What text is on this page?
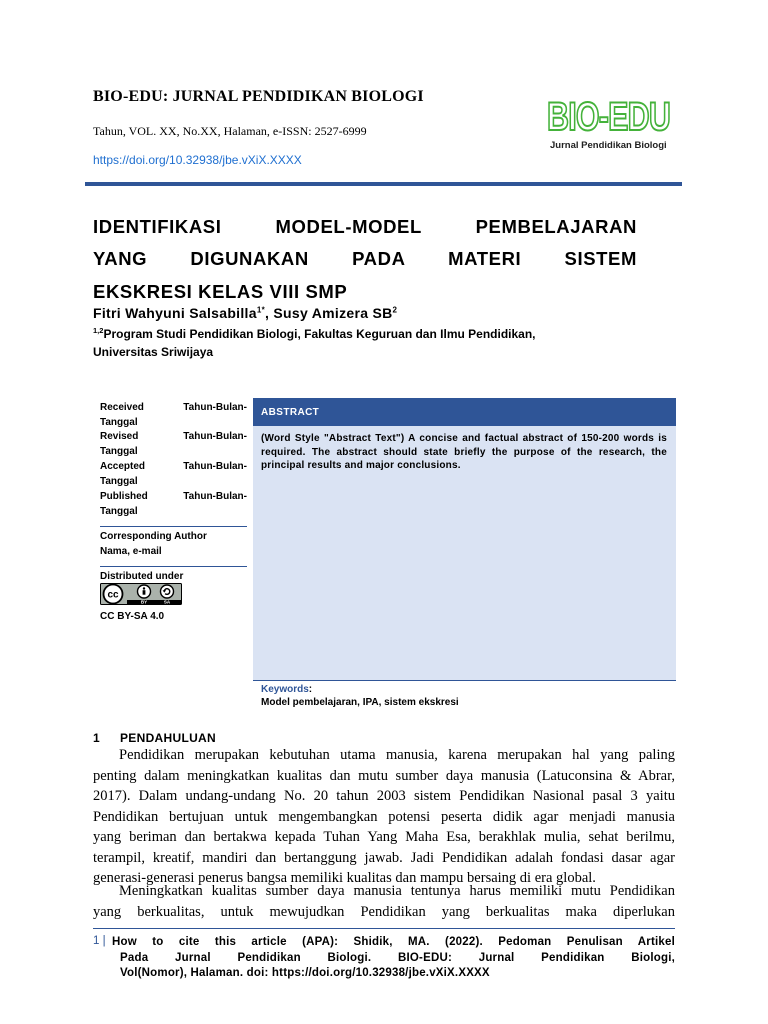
BIO-EDU: JURNAL PENDIDIKAN BIOLOGI
Tahun, VOL. XX, No.XX, Halaman, e-ISSN: 2527-6999
https://doi.org/10.32938/jbe.vXiX.XXXX
BIO-EDU
Jurnal Pendidikan Biologi
IDENTIFIKASI MODEL-MODEL PEMBELAJARAN
YANG DIGUNAKAN PADA MATERI SISTEM
EKSKRESI KELAS VIII SMP
Fitri Wahyuni Salsabilla$^{1*}$, Susy Amizera $SB^2$
$^{1,2}$Program Studi Pendidikan Biologi, Fakultas Keguruan dan Ilmu Pendidikan,
Universitas Sriwijaya
Received	Tahun-Bulan-
Tanggal
Revised	Tahun-Bulan-
Tanggal
Accepted	Tahun-Bulan-
Tanggal
Published	Tahun-Bulan-
Tanggal
Corresponding Author
Nama, e-mail
Distributed under
cc
BY	SA
CC BY-SA 4.0
ABSTRACT
(Word Style "Abstract Text") A concise and factual abstract of 150-200 words is required. The abstract should state briefly the purpose of the research, the principal results and major conclusions.
Keywords:
Model pembelajaran, IPA, sistem ekskresi
1 PENDAHULUAN
Pendidikan merupakan kebutuhan utama manusia, karena merupakan hal yang paling
penting dalam meningkatkan kualitas dan mutu sumber daya manusia (Latuconsina & Abrar,
2017). Dalam undang-undang No. 20 tahun 2003 sistem Pendidikan Nasional pasal 3 yaitu
Pendidikan bertujuan untuk mengembangkan potensi peserta didik agar menjadi manusia
yang beriman dan bertakwa kepada Tuhan Yang Maha Esa, berakhlak mulia, sehat berilmu,
terampil, kreatif, mandiri dan bertanggung jawab. Jadi Pendidikan adalah fondasi dasar agar
generasi-generasi penerus bangsa memiliki kualitas dan mampu bersaing di era global.
Meningkatkan kualitas sumber daya manusia tentunya harus memiliki mutu Pendidikan
yang berkualitas, untuk mewujudkan Pendidikan yang berkualitas maka diperlukan
1 | How to cite this article (APA): Shidik, MA. (2022). Pedoman Penulisan Artikel
Pada Jurnal Pendidikan Biologi. BIO-EDU: Jurnal Pendidikan Biologi,
Vol(Nomor), Halaman. doi: https://doi.org/10.32938/jbe.vXiX.XXXX
